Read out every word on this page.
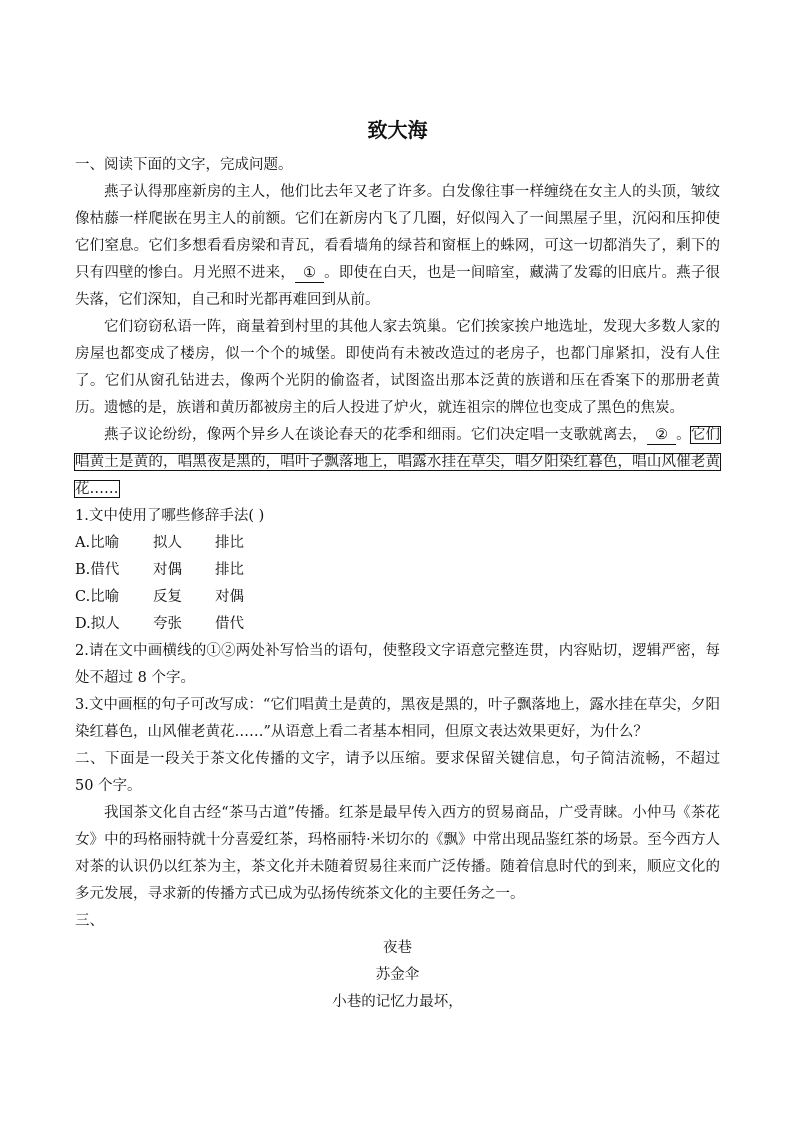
致大海
一、阅读下面的文字，完成问题。
燕子认得那座新房的主人，他们比去年又老了许多。白发像往事一样缠绕在女主人的头顶，皱纹像枯藤一样爬嵌在男主人的前额。它们在新房内飞了几圈，好似闯入了一间黑屋子里，沉闷和压抑使它们窒息。它们多想看看房梁和青瓦，看看墙角的绿苔和窗框上的蛛网，可这一切都消失了，剩下的只有四壁的惨白。月光照不进来， ① 。即使在白天，也是一间暗室，藏满了发霉的旧底片。燕子很失落，它们深知，自己和时光都再难回到从前。
它们窃窃私语一阵，商量着到村里的其他人家去筑巢。它们挨家挨户地选址，发现大多数人家的房屋也都变成了楼房，似一个个的城堡。即使尚有未被改造过的老房子，也都门扉紧扣，没有人住了。它们从窗孔钻进去，像两个光阴的偷盗者，试图盗出那本泛黄的族谱和压在香案下的那册老黄历。遗憾的是，族谱和黄历都被房主的后人投进了炉火，就连祖宗的牌位也变成了黑色的焦炭。
燕子议论纷纷，像两个异乡人在谈论春天的花季和细雨。它们决定唱一支歌就离去， ② 。它们唱黄土是黄的，唱黑夜是黑的，唱叶子飘落地上，唱露水挂在草尖，唱夕阳染红暮色，唱山风催老黄花……
1.文中使用了哪些修辞手法( )
A.比喻	拟人	排比
B.借代	对偶	排比
C.比喻	反复	对偶
D.拟人	夸张	借代
2.请在文中画横线的①②两处补写恰当的语句，使整段文字语意完整连贯，内容贴切，逻辑严密，每处不超过 8 个字。
3.文中画框的句子可改写成：“它们唱黄土是黄的，黑夜是黑的，叶子飘落地上，露水挂在草尖，夕阳染红暮色，山风催老黄花……”从语意上看二者基本相同，但原文表达效果更好，为什么？
二、下面是一段关于茶文化传播的文字，请予以压缩。要求保留关键信息，句子简洁流畅，不超过 50 个字。
我国茶文化自古经“茶马古道”传播。红茶是最早传入西方的贸易商品，广受青睐。小仲马《茶花女》中的玛格丽特就十分喜爱红茶，玛格丽特·米切尔的《飘》中常出现品鉴红茶的场景。至今西方人对茶的认识仍以红茶为主，茶文化并未随着贸易往来而广泛传播。随着信息时代的到来，顺应文化的多元发展，寻求新的传播方式已成为弘扬传统茶文化的主要任务之一。
三、
夜巷
苏金伞
小巷的记忆力最坏，
